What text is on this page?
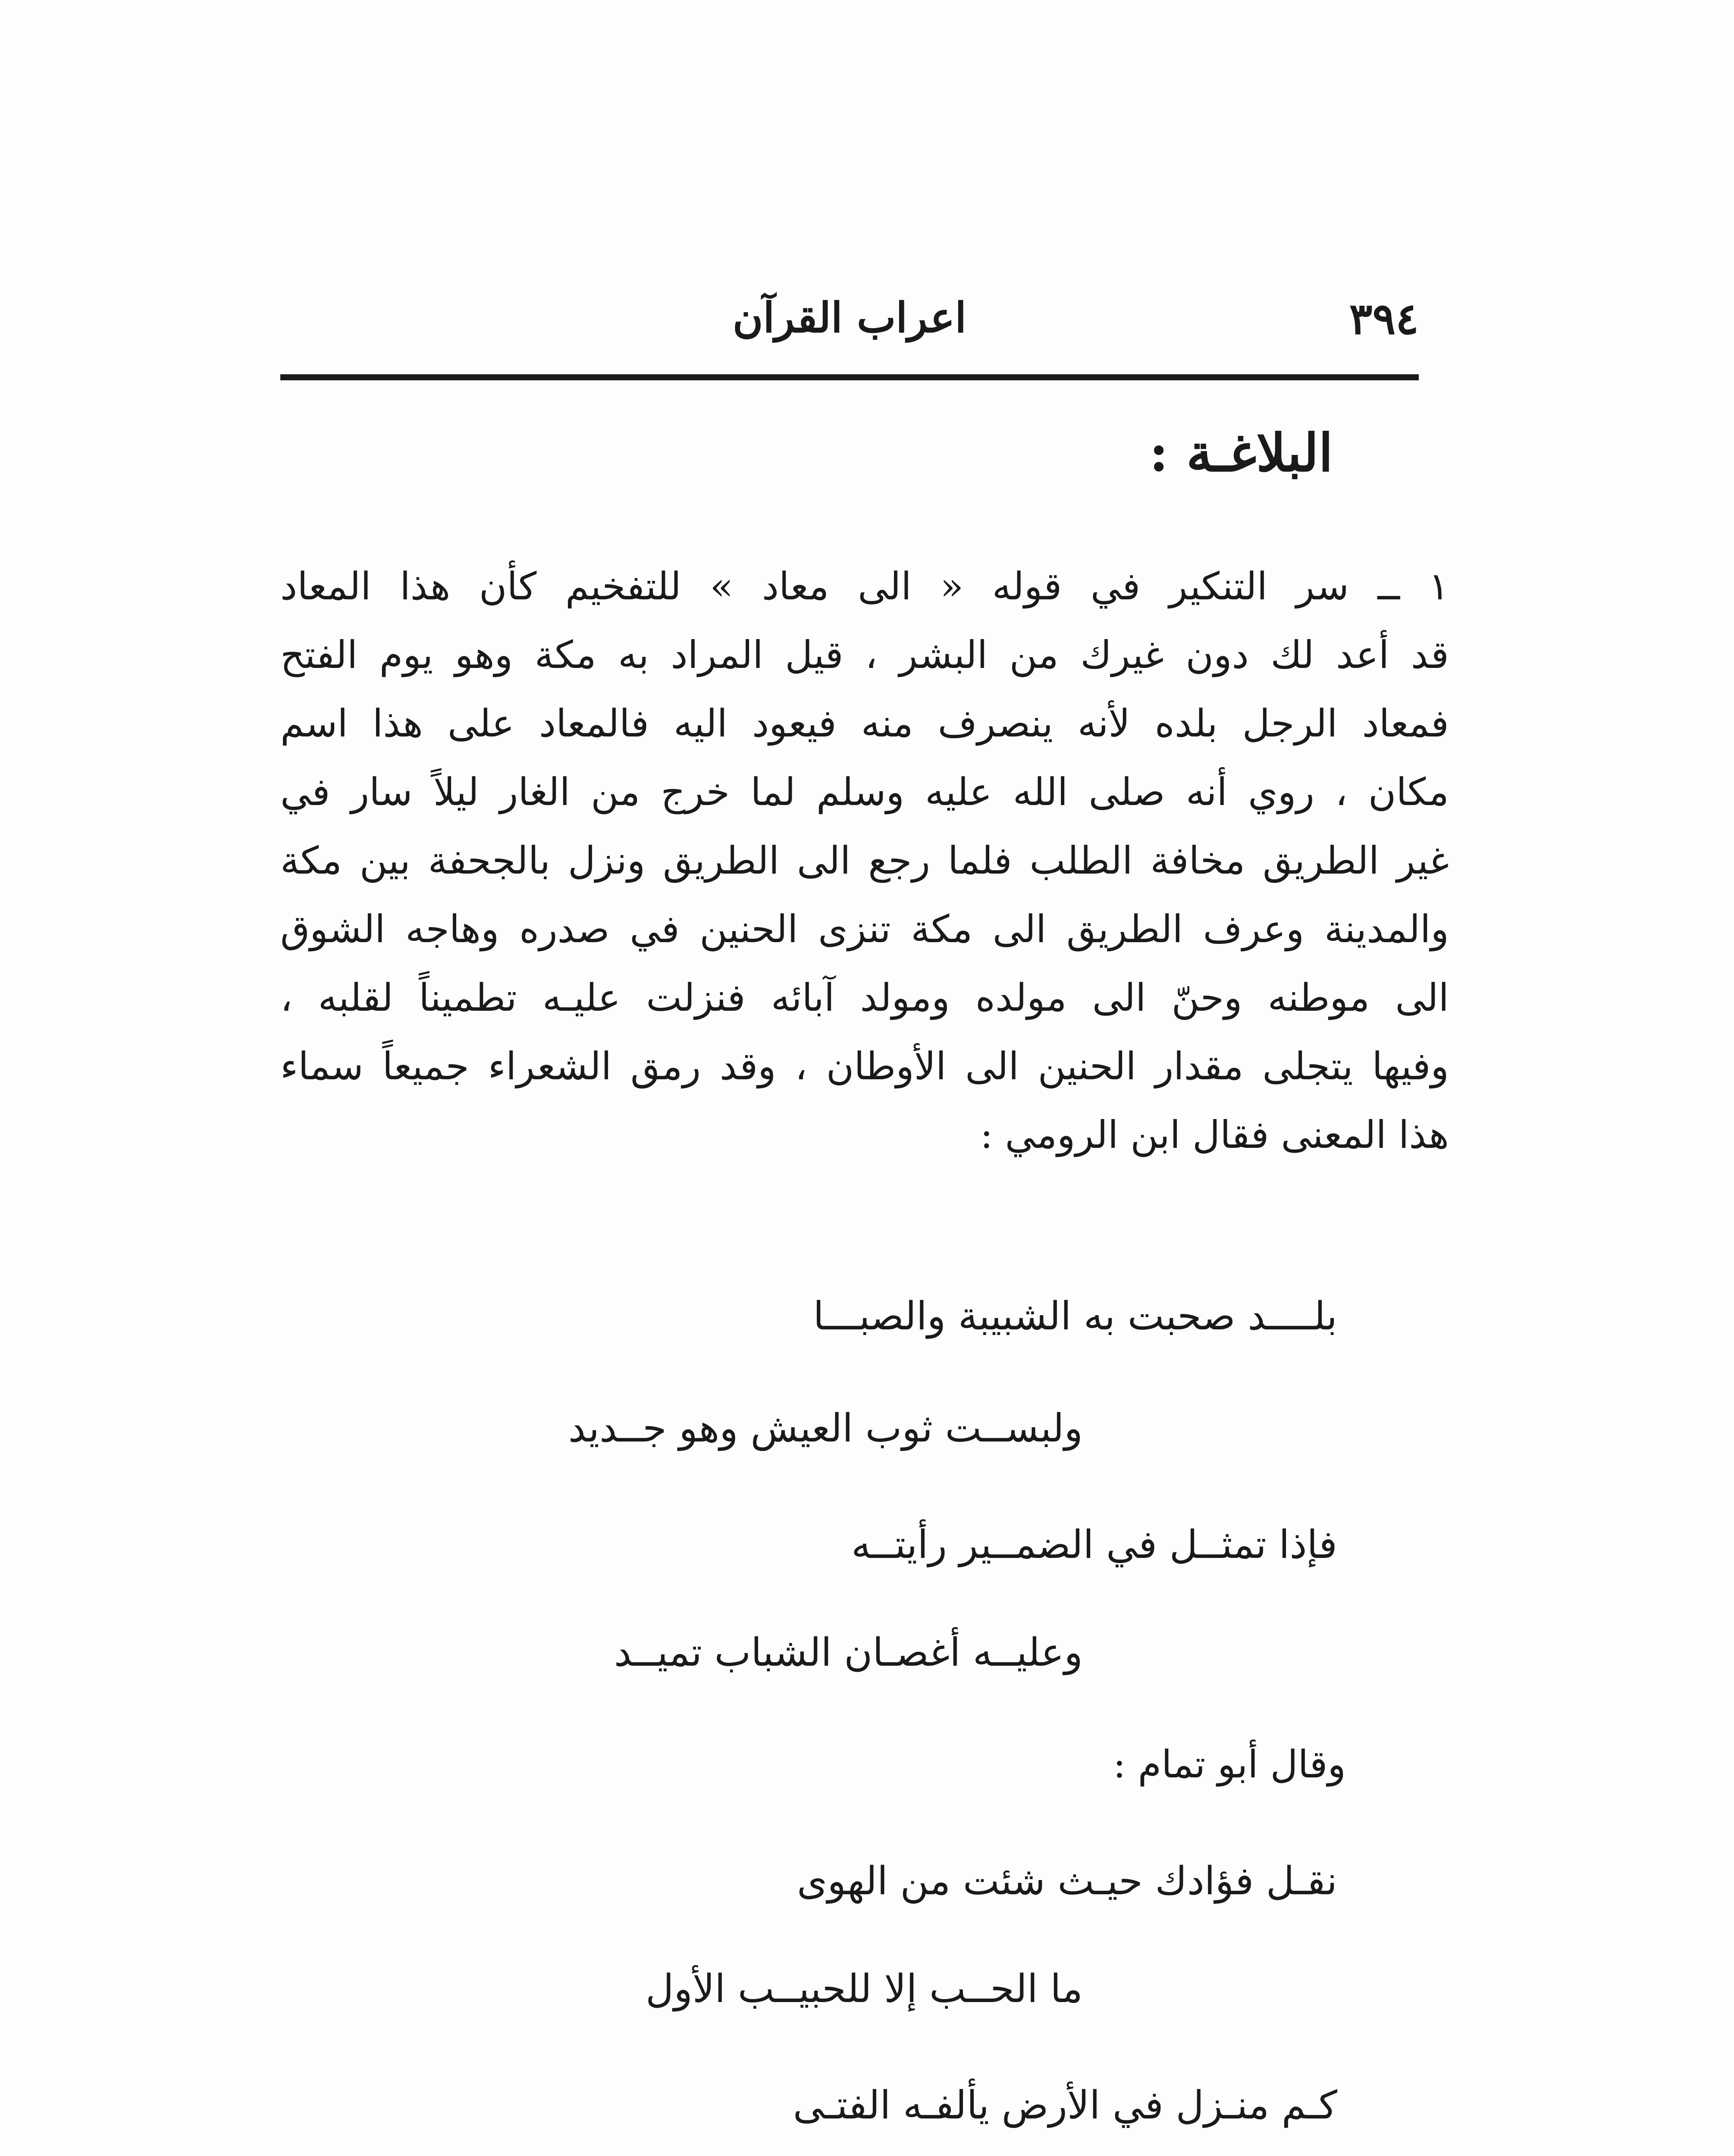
٣٩٤
اعراب القرآن
البلاغـة :
١ ــ سر التنكير في قوله « الى معاد » للتفخيم كأن هذا المعاد
قد أعد لك دون غيرك من البشر ، قيل المراد به مكة وهو يوم الفتح
فمعاد الرجل بلده لأنه ينصرف منه فيعود اليه فالمعاد على هذا اسم
مكان ، روي أنه صلى الله عليه وسلم لما خرج من الغار ليلاً سار في
غير الطريق مخافة الطلب فلما رجع الى الطريق ونزل بالجحفة بين مكة
والمدينة وعرف الطريق الى مكة تنزى الحنين في صدره وهاجه الشوق
الى موطنه وحنّ الى مولده ومولد آبائه فنزلت عليـه تطميناً لقلبه ،
وفيها يتجلى مقدار الحنين الى الأوطان ، وقد رمق الشعراء جميعاً سماء
هذا المعنى فقال ابن الرومي :
بلــــد صحبت به الشبيبة والصبـــا
ولبســت ثوب العيش وهو جــديد
فإذا تمثــل في الضمــير رأيتــه
وعليــه أغصـان الشباب تميــد
وقال أبو تمام :
نقـل فؤادك حيـث شئت من الهوى
ما الحــب إلا للحبيــب الأول
كـم منـزل في الأرض يألفـه الفتـى
